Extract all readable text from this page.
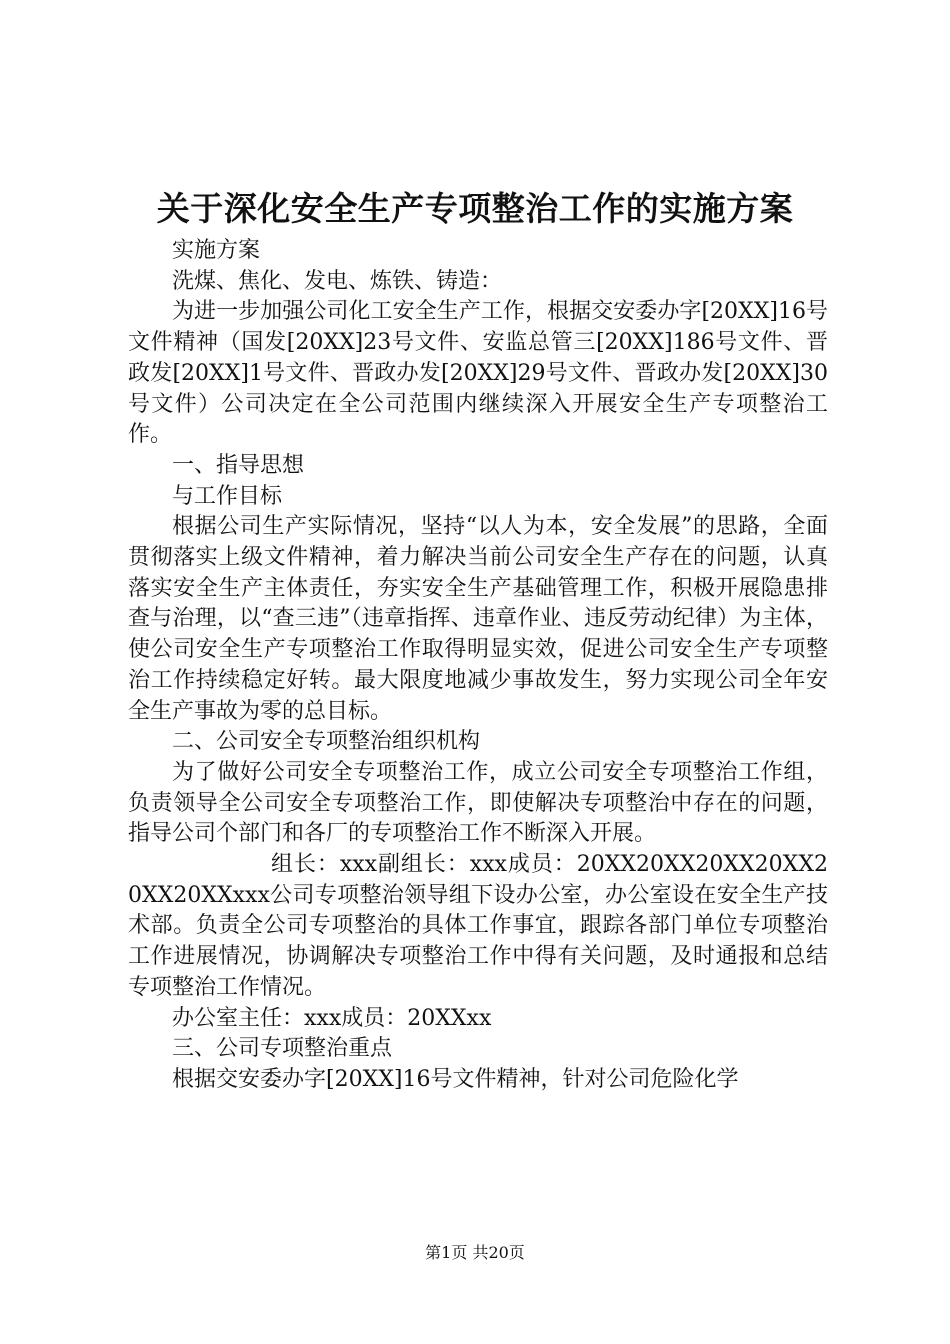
关于深化安全生产专项整治工作的实施方案

实施方案

洗煤、焦化、发电、炼铁、铸造：

为进一步加强公司化工安全生产工作，根据交安委办字[20XX]16号文件精神（国发[20XX]23号文件、安监总管三[20XX]186号文件、晋政发[20XX]1号文件、晋政办发[20XX]29号文件、晋政办发[20XX]30号文件）公司决定在全公司范围内继续深入开展安全生产专项整治工作。

一、指导思想

与工作目标

根据公司生产实际情况，坚持“以人为本，安全发展”的思路，全面贯彻落实上级文件精神，着力解决当前公司安全生产存在的问题，认真落实安全生产主体责任，夯实安全生产基础管理工作，积极开展隐患排查与治理，以“查三违”（违章指挥、违章作业、违反劳动纪律）为主体，使公司安全生产专项整治工作取得明显实效，促进公司安全生产专项整治工作持续稳定好转。最大限度地减少事故发生，努力实现公司全年安全生产事故为零的总目标。

二、公司安全专项整治组织机构

为了做好公司安全专项整治工作，成立公司安全专项整治工作组，负责领导全公司安全专项整治工作，即使解决专项整治中存在的问题，指导公司个部门和各厂的专项整治工作不断深入开展。

组长：xxx副组长：xxx成员：20XX20XX20XX20XX20XX20XXxxx公司专项整治领导组下设办公室，办公室设在安全生产技术部。负责全公司专项整治的具体工作事宜，跟踪各部门单位专项整治工作进展情况，协调解决专项整治工作中得有关问题，及时通报和总结专项整治工作情况。

办公室主任：xxx成员：20XXxx

三、公司专项整治重点

根据交安委办字[20XX]16号文件精神，针对公司危险化学

第1页 共20页
